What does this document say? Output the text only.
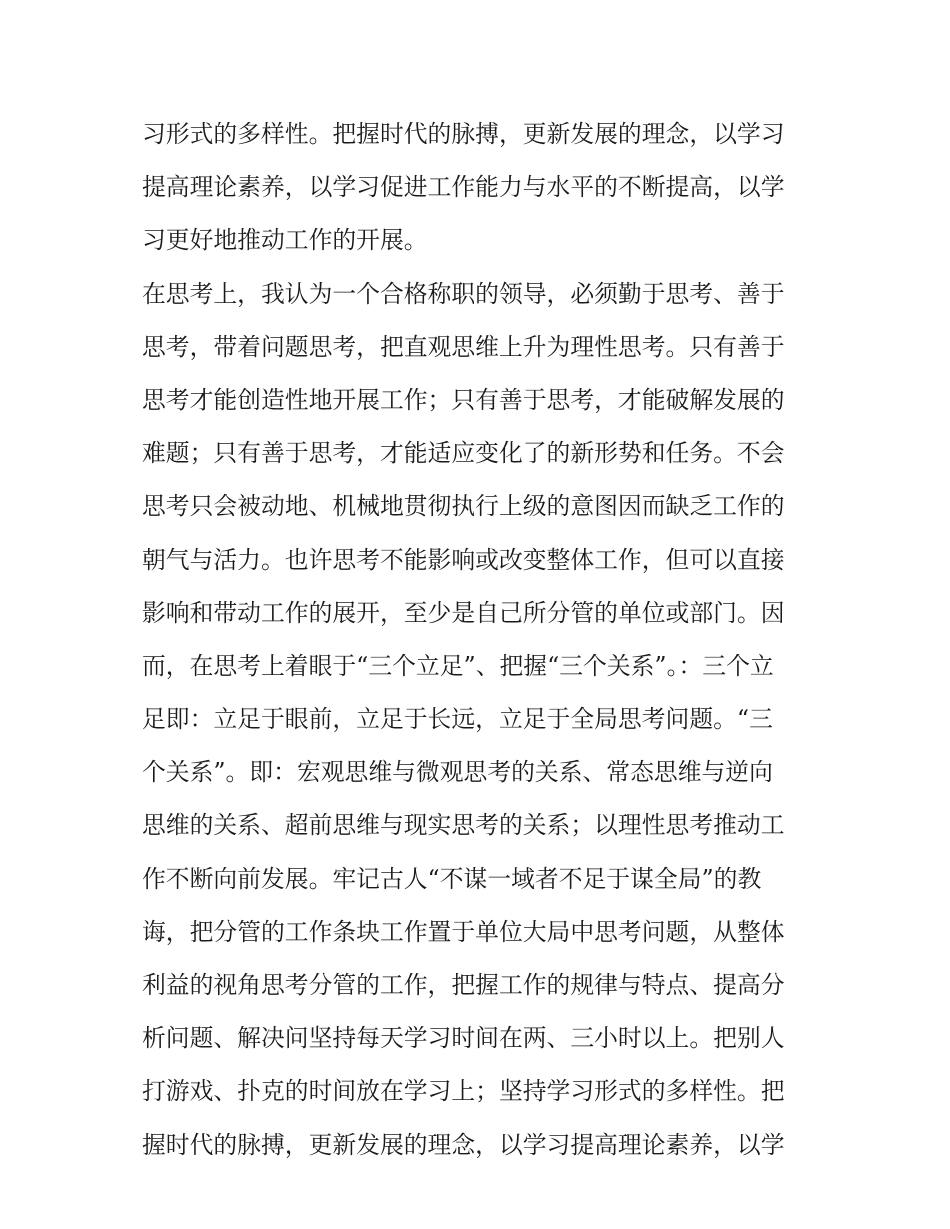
习形式的多样性。把握时代的脉搏，更新发展的理念，以学习
提高理论素养，以学习促进工作能力与水平的不断提高，以学
习更好地推动工作的开展。
在思考上，我认为一个合格称职的领导，必须勤于思考、善于
思考，带着问题思考，把直观思维上升为理性思考。只有善于
思考才能创造性地开展工作；只有善于思考，才能破解发展的
难题；只有善于思考，才能适应变化了的新形势和任务。不会
思考只会被动地、机械地贯彻执行上级的意图因而缺乏工作的
朝气与活力。也许思考不能影响或改变整体工作，但可以直接
影响和带动工作的展开，至少是自己所分管的单位或部门。因
而，在思考上着眼于“三个立足”、把握“三个关系”。：三个立
足即：立足于眼前，立足于长远，立足于全局思考问题。“三
个关系”。即：宏观思维与微观思考的关系、常态思维与逆向
思维的关系、超前思维与现实思考的关系；以理性思考推动工
作不断向前发展。牢记古人“不谋一域者不足于谋全局”的教
诲，把分管的工作条块工作置于单位大局中思考问题，从整体
利益的视角思考分管的工作，把握工作的规律与特点、提高分
析问题、解决问坚持每天学习时间在两、三小时以上。把别人
打游戏、扑克的时间放在学习上；坚持学习形式的多样性。把
握时代的脉搏，更新发展的理念，以学习提高理论素养，以学
